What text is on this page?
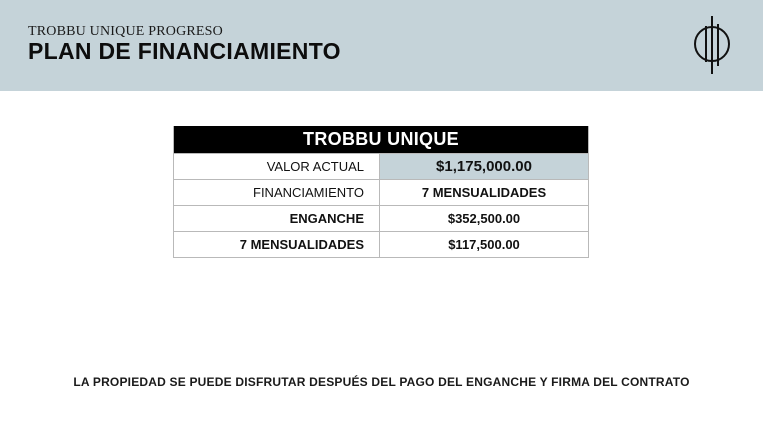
TROBBU UNIQUE PROGRESO
PLAN DE FINANCIAMIENTO
TROBBU UNIQUE
VALOR ACTUAL	$1,175,000.00
FINANCIAMIENTO	7 MENSUALIDADES
ENGANCHE	$352,500.00
7 MENSUALIDADES	$117,500.00
LA PROPIEDAD SE PUEDE DISFRUTAR DESPUÉS DEL PAGO DEL ENGANCHE Y FIRMA DEL CONTRATO
